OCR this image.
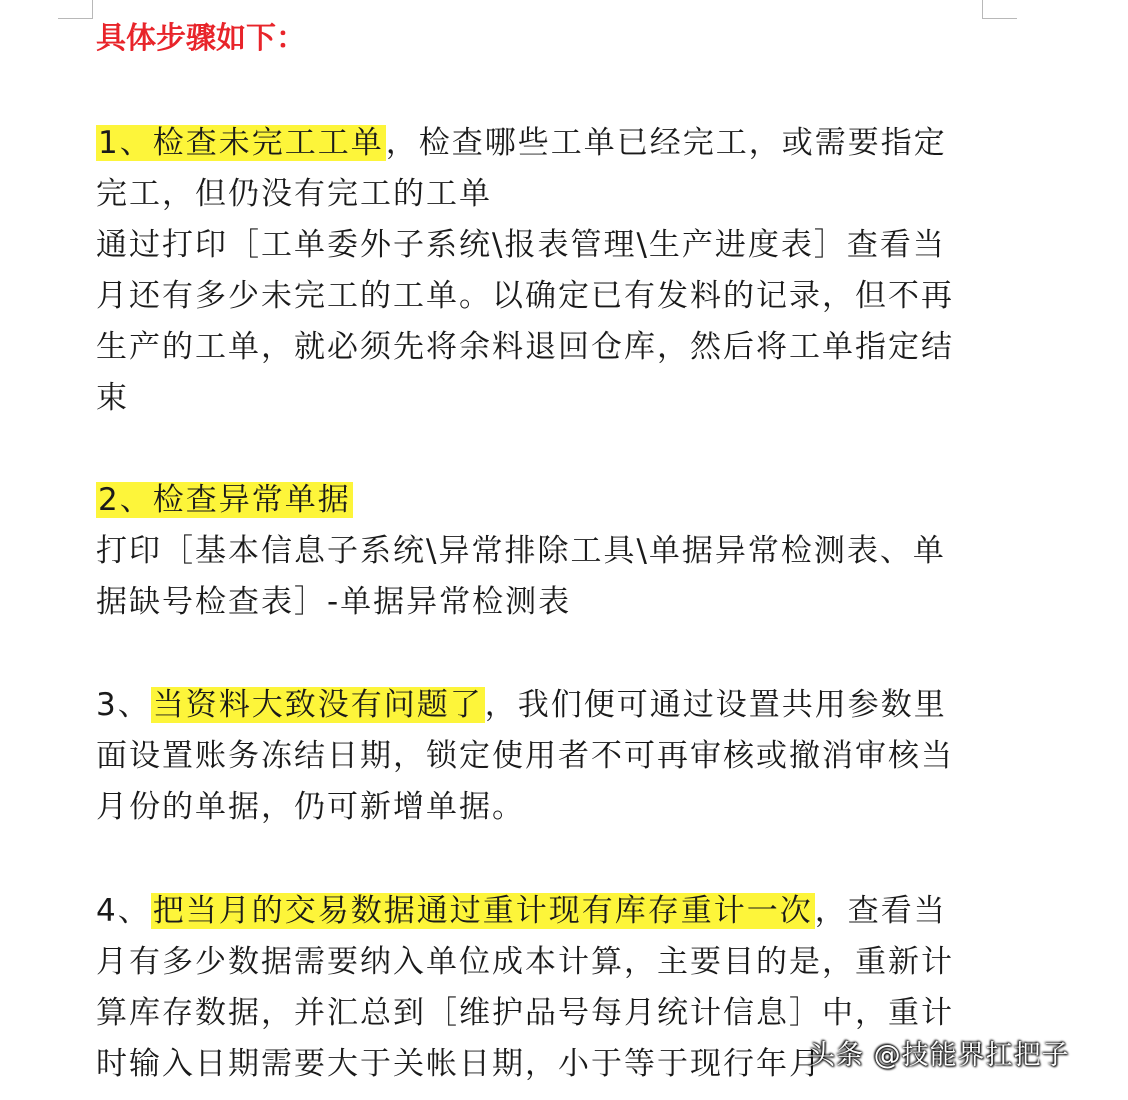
具体步骤如下：
1、检查未完工工单，检查哪些工单已经完工，或需要指定
完工，但仍没有完工的工单
通过打印［工单委外子系统\报表管理\生产进度表］查看当
月还有多少未完工的工单。以确定已有发料的记录，但不再
生产的工单，就必须先将余料退回仓库，然后将工单指定结
束
2、检查异常单据
打印［基本信息子系统\异常排除工具\单据异常检测表、单
据缺号检查表］-单据异常检测表
3、当资料大致没有问题了，我们便可通过设置共用参数里
面设置账务冻结日期，锁定使用者不可再审核或撤消审核当
月份的单据，仍可新增单据。
4、把当月的交易数据通过重计现有库存重计一次，查看当
月有多少数据需要纳入单位成本计算，主要目的是，重新计
算库存数据，并汇总到［维护品号每月统计信息］中，重计
时输入日期需要大于关帐日期，小于等于现行年月
头条 @技能界扛把子
